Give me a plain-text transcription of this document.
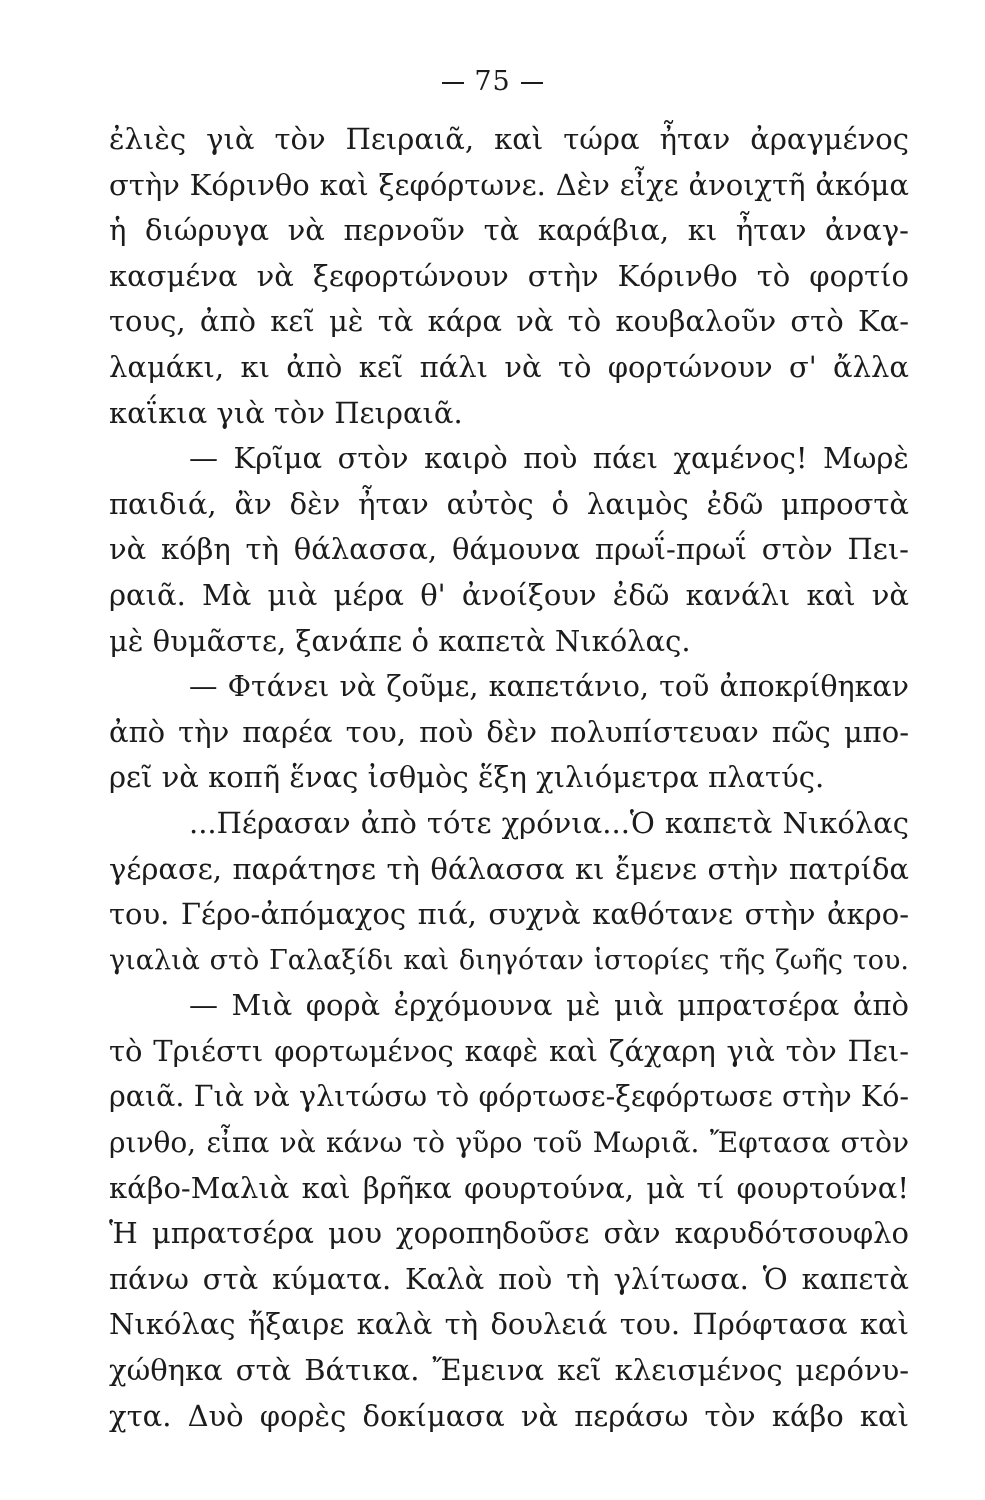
75
ἐλιὲς γιὰ τὸν Πειραιᾶ, καὶ τώρα ἦταν ἀραγμένος
στὴν Κόρινθο καὶ ξεφόρτωνε. Δὲν εἶχε ἀνοιχτῆ ἀκόμα
ἡ διώρυγα νὰ περνοῦν τὰ καράβια, κι ἦταν ἀναγ-
κασμένα νὰ ξεφορτώνουν στὴν Κόρινθο τὸ φορτίο
τους, ἀπὸ κεῖ μὲ τὰ κάρα νὰ τὸ κουβαλοῦν στὸ Κα-
λαμάκι, κι ἀπὸ κεῖ πάλι νὰ τὸ φορτώνουν σ' ἄλλα
καΐκια γιὰ τὸν Πειραιᾶ.
— Κρῖμα στὸν καιρὸ ποὺ πάει χαμένος! Μωρὲ
παιδιά, ἂν δὲν ἦταν αὐτὸς ὁ λαιμὸς ἐδῶ μπροστὰ
νὰ κόβη τὴ θάλασσα, θάμουνα πρωΐ-πρωΐ στὸν Πει-
ραιᾶ. Μὰ μιὰ μέρα θ' ἀνοίξουν ἐδῶ κανάλι καὶ νὰ
μὲ θυμᾶστε, ξανάπε ὁ καπετὰ Νικόλας.
— Φτάνει νὰ ζοῦμε, καπετάνιο, τοῦ ἀποκρίθηκαν
ἀπὸ τὴν παρέα του, ποὺ δὲν πολυπίστευαν πῶς μπο-
ρεῖ νὰ κοπῆ ἕνας ἰσθμὸς ἕξη χιλιόμετρα πλατύς.
...Πέρασαν ἀπὸ τότε χρόνια...Ὁ καπετὰ Νικόλας
γέρασε, παράτησε τὴ θάλασσα κι ἔμενε στὴν πατρίδα
του. Γέρο-ἀπόμαχος πιά, συχνὰ καθότανε στὴν ἀκρο-
γιαλιὰ στὸ Γαλαξίδι καὶ διηγόταν ἱστορίες τῆς ζωῆς του.
— Μιὰ φορὰ ἐρχόμουνα μὲ μιὰ μπρατσέρα ἀπὸ
τὸ Τριέστι φορτωμένος καφὲ καὶ ζάχαρη γιὰ τὸν Πει-
ραιᾶ. Γιὰ νὰ γλιτώσω τὸ φόρτωσε-ξεφόρτωσε στὴν Κό-
ρινθο, εἶπα νὰ κάνω τὸ γῦρο τοῦ Μωριᾶ. Ἔφτασα στὸν
κάβο-Μαλιὰ καὶ βρῆκα φουρτούνα, μὰ τί φουρτούνα!
Ἡ μπρατσέρα μου χοροπηδοῦσε σὰν καρυδότσουφλο
πάνω στὰ κύματα. Καλὰ ποὺ τὴ γλίτωσα. Ὁ καπετὰ
Νικόλας ἤξαιρε καλὰ τὴ δουλειά του. Πρόφτασα καὶ
χώθηκα στὰ Βάτικα. Ἔμεινα κεῖ κλεισμένος μερόνυ-
χτα. Δυὸ φορὲς δοκίμασα νὰ περάσω τὸν κάβο καὶ
